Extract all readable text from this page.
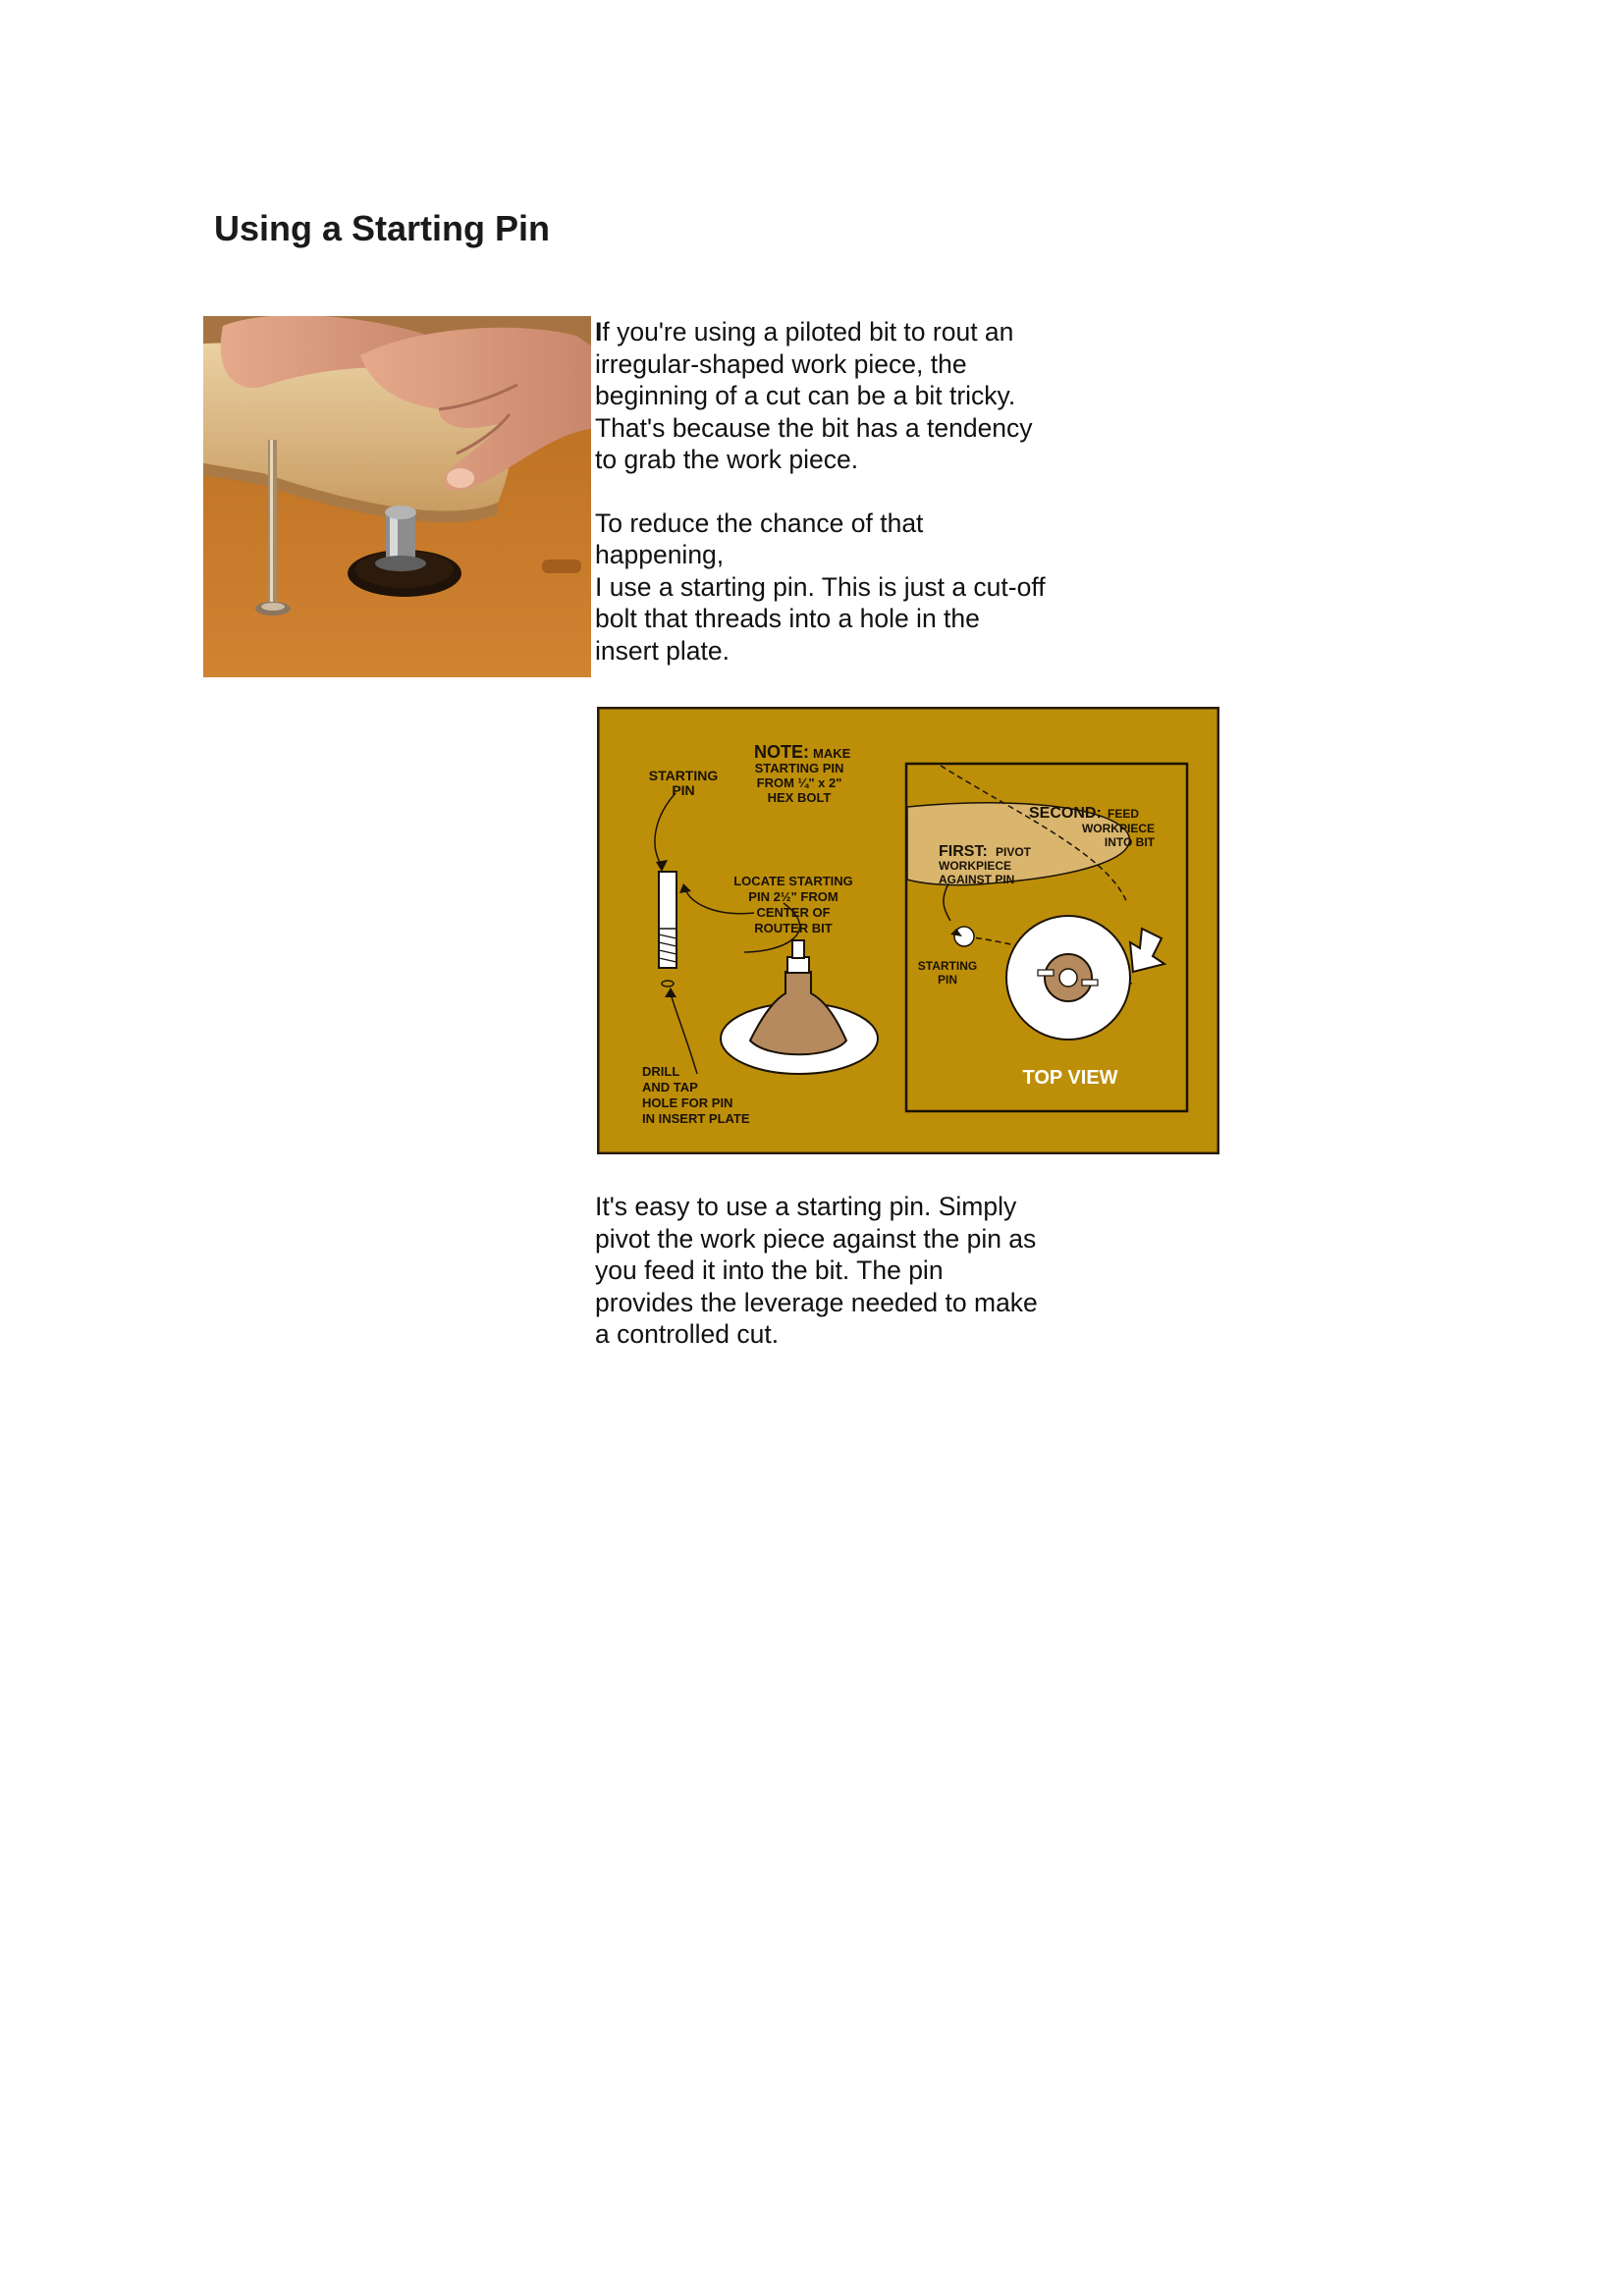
Using a Starting Pin

If you're using a piloted bit to rout an irregular-shaped work piece, the beginning of a cut can be a bit tricky. That's because the bit has a tendency to grab the work piece.

To reduce the chance of that happening,
I use a starting pin. This is just a cut-off bolt that threads into a hole in the insert plate.

STARTING
PIN
NOTE: MAKE
STARTING PIN
FROM ¼" x 2"
HEX BOLT
LOCATE STARTING
PIN 2½" FROM
CENTER OF
ROUTER BIT
DRILL
AND TAP
HOLE FOR PIN
IN INSERT PLATE
SECOND: FEED
WORKPIECE
INTO BIT
FIRST: PIVOT
WORKPIECE
AGAINST PIN
STARTING
PIN
TOP VIEW

It's easy to use a starting pin. Simply pivot the work piece against the pin as you feed it into the bit. The pin provides the leverage needed to make a controlled cut.
